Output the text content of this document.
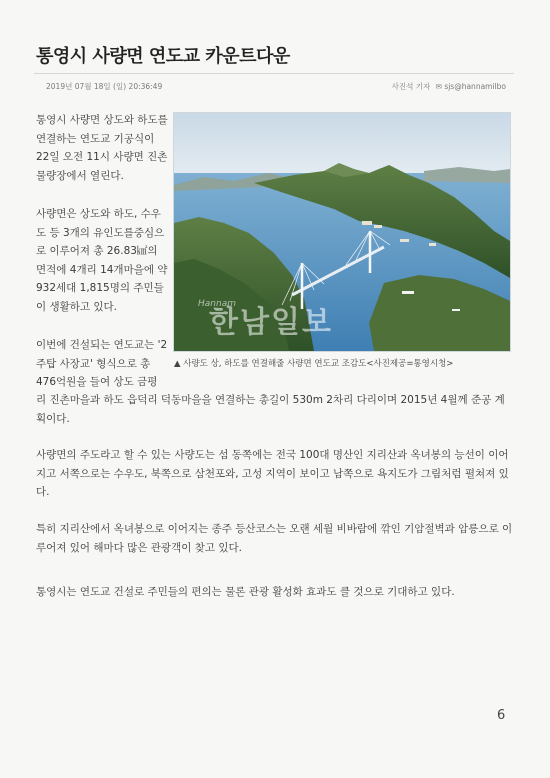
통영시 사량면 연도교 카운트다운
2019년 07월 18일 (일) 20:36:49	사진석 기자 ✉ sjs@hannamilbo

통영시 사량면 상도와 하도를 연결하는 연도교 기공식이 22일 오전 11시 사량면 진촌물량장에서 열린다.

사량면은 상도와 하도, 수우도 등 3개의 유인도를중심으로 이루어져 총 26.83㎢의 면적에 4개리 14개마을에 약 932세대 1,815명의 주민들이 생활하고 있다.

이번에 건설되는 연도교는 '2주탑 사장교' 형식으로 총 476억원을 들여 상도 금평

리 진촌마을과 하도 읍덕리 덕동마을을 연결하는 총길이 530m 2차리 다리이며 2015년 4월께 준공 계획이다.

사량면의 주도라고 할 수 있는 사량도는 섬 동쪽에는 전국 100대 명산인 지리산과 옥녀봉의 능선이 이어지고 서쪽으로는 수우도, 북쪽으로 삼천포와, 고성 지역이 보이고 남쪽으로 욕지도가 그림처럼 펼쳐져 있다.

특히 지리산에서 옥녀봉으로 이어지는 종주 등산코스는 오랜 세월 비바람에 깎인 기암절벽과 암릉으로 이루어져 있어 해마다 많은 관광객이 찾고 있다.

통영시는 연도교 건설로 주민들의 편의는 물론 관광 활성화 효과도 클 것으로 기대하고 있다.

Hannam
한남일보
▲ 사량도 상, 하도를 연결해줄 사량면 연도교 조감도<사진제공=통영시청>
6
